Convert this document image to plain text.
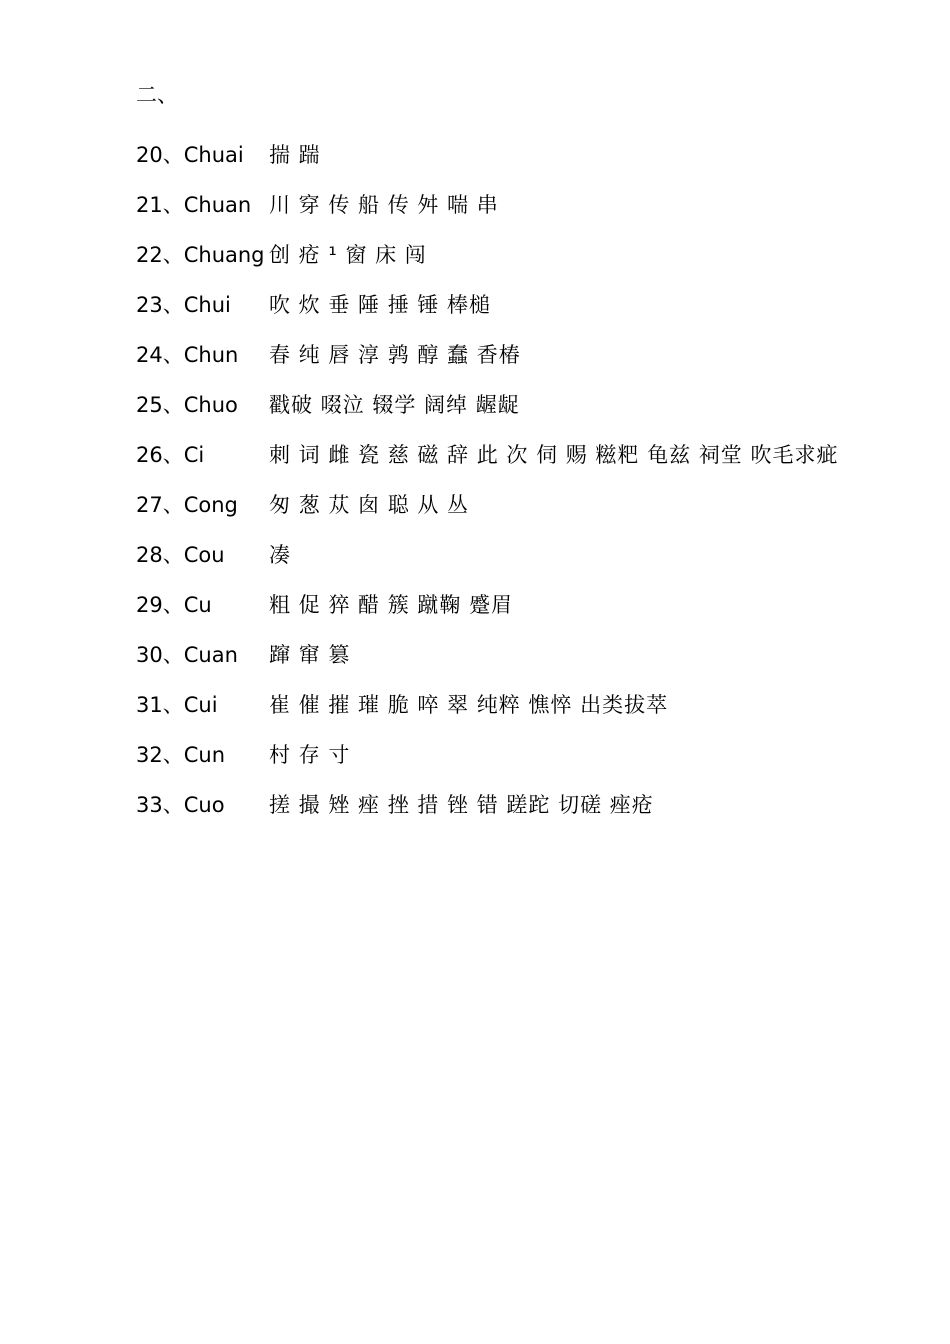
二、
20、Chuai	揣 踹
21、Chuan 川 穿 传 船 传 舛 喘 串
22、Chuang 创 疮 ¹ 窗 床 闯
23、Chui	吹 炊 垂 陲 捶 锤 棒槌
24、Chun	春 纯 唇 淳 鹑 醇 蠢 香椿
25、Chuo	戳破 啜泣 辍学 阔绰 龌龊
26、Ci	刺 词 雌 瓷 慈 磁 辞 此 次 伺 赐 糍粑 龟兹 祠堂 吹毛求疵
27、Cong	匆 葱 苁 囱 聪 从 丛
28、Cou	凑
29、Cu	粗 促 猝 醋 簇 蹴鞠 蹙眉
30、Cuan	蹿 窜 篡
31、Cui	崔 催 摧 璀 脆 啐 翠 纯粹 憔悴 出类拔萃
32、Cun	村 存 寸
33、Cuo	搓 撮 矬 痤 挫 措 锉 错 蹉跎 切磋 痤疮
